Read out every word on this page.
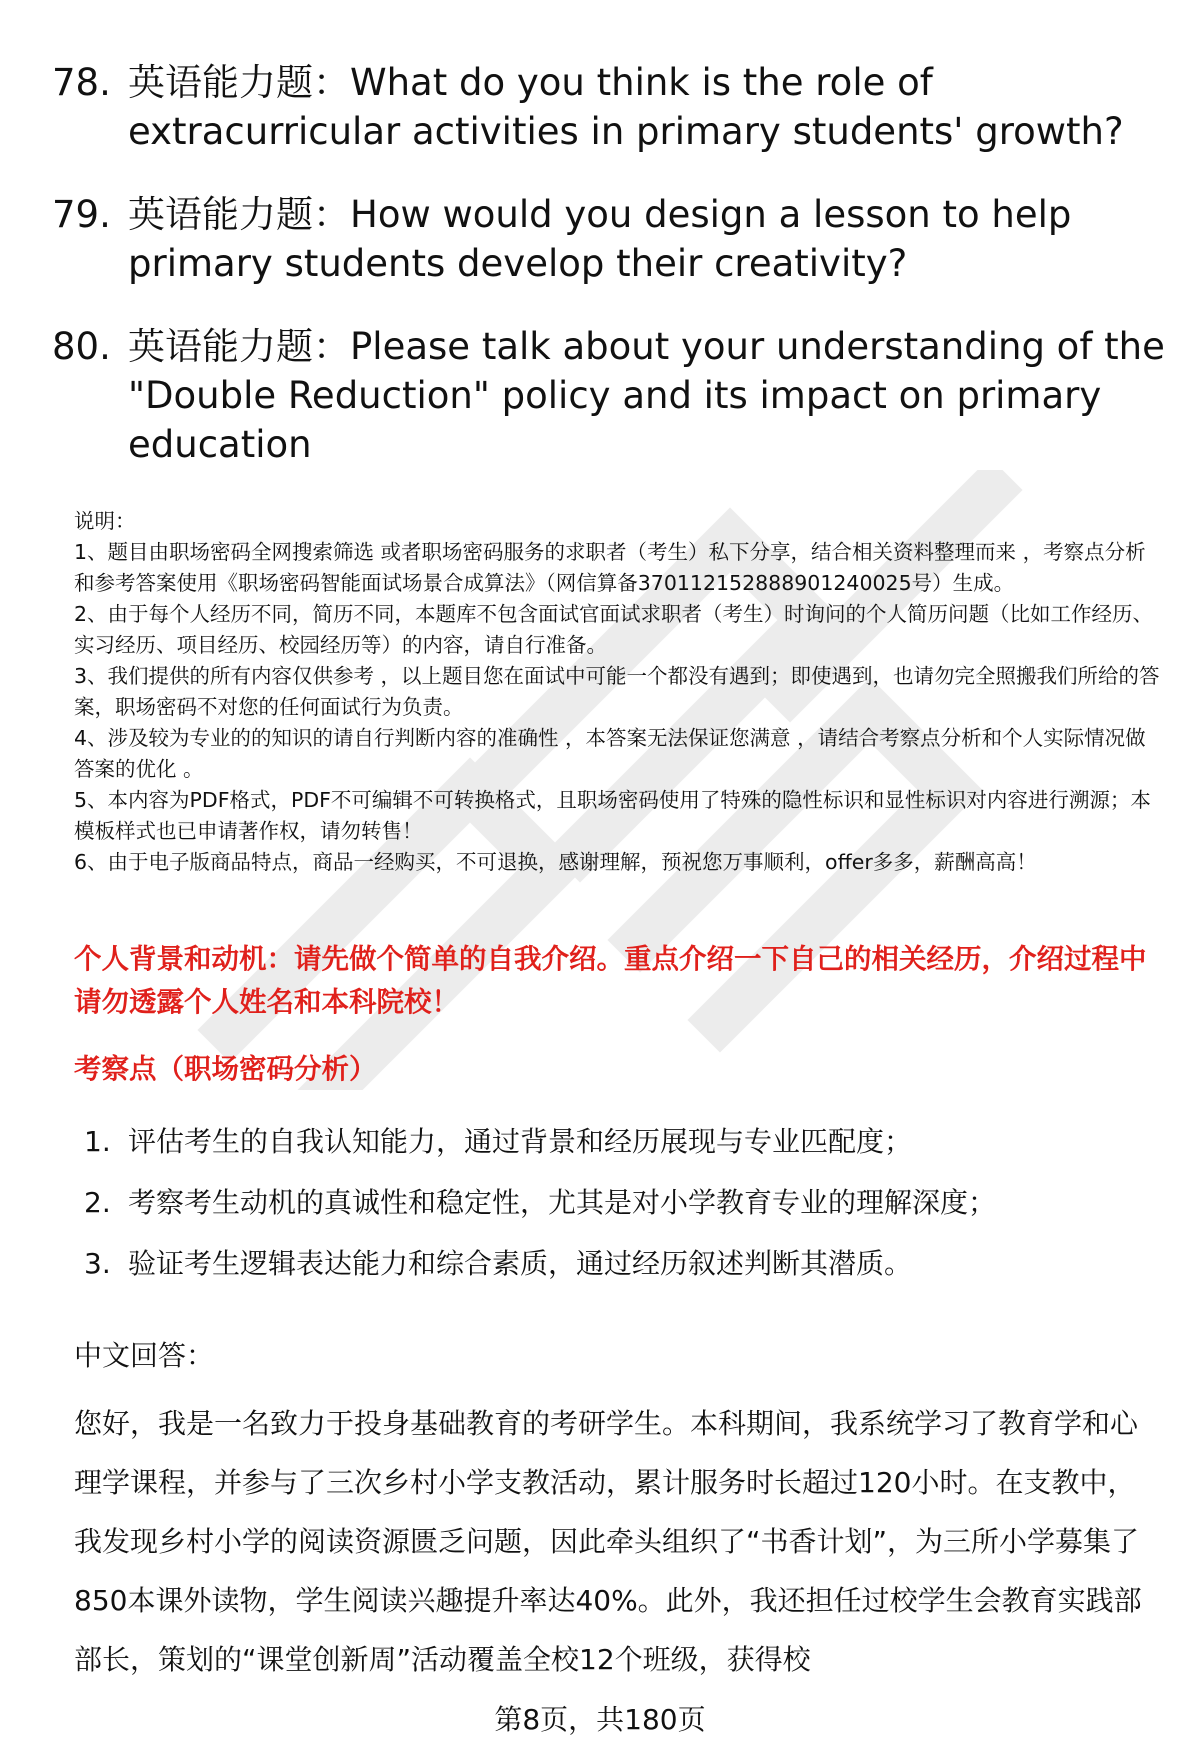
78. 英语能力题：What do you think is the role of extracurricular activities in primary students' growth?
79. 英语能力题：How would you design a lesson to help primary students develop their creativity?
80. 英语能力题：Please talk about your understanding of the "Double Reduction" policy and its impact on primary education

说明：

1、题目由职场密码全网搜索筛选 或者职场密码服务的求职者（考生）私下分享，结合相关资料整理而来 ，考察点分析和参考答案使用《职场密码智能面试场景合成算法》（网信算备370112152888901240025号）生成。

2、由于每个人经历不同，简历不同，本题库不包含面试官面试求职者（考生）时询问的个人简历问题（比如工作经历、实习经历、项目经历、校园经历等）的内容，请自行准备。

3、我们提供的所有内容仅供参考 ，以上题目您在面试中可能一个都没有遇到；即使遇到，也请勿完全照搬我们所给的答案，职场密码不对您的任何面试行为负责。

4、涉及较为专业的的知识的请自行判断内容的准确性 ，本答案无法保证您满意 ，请结合考察点分析和个人实际情况做答案的优化 。

5、本内容为PDF格式，PDF不可编辑不可转换格式，且职场密码使用了特殊的隐性标识和显性标识对内容进行溯源；本模板样式也已申请著作权，请勿转售！

6、由于电子版商品特点，商品一经购买，不可退换，感谢理解，预祝您万事顺利，offer多多，薪酬高高！

个人背景和动机：请先做个简单的自我介绍。重点介绍一下自己的相关经历，介绍过程中请勿透露个人姓名和本科院校！

考察点（职场密码分析）

1. 评估考生的自我认知能力，通过背景和经历展现与专业匹配度；
2. 考察考生动机的真诚性和稳定性，尤其是对小学教育专业的理解深度；
3. 验证考生逻辑表达能力和综合素质，通过经历叙述判断其潜质。

中文回答：

您好，我是一名致力于投身基础教育的考研学生。本科期间，我系统学习了教育学和心理学课程，并参与了三次乡村小学支教活动，累计服务时长超过120小时。在支教中，我发现乡村小学的阅读资源匮乏问题，因此牵头组织了“书香计划”，为三所小学募集了850本课外读物，学生阅读兴趣提升率达40%。此外，我还担任过校学生会教育实践部部长，策划的“课堂创新周”活动覆盖全校12个班级，获得校

第8页，共180页
